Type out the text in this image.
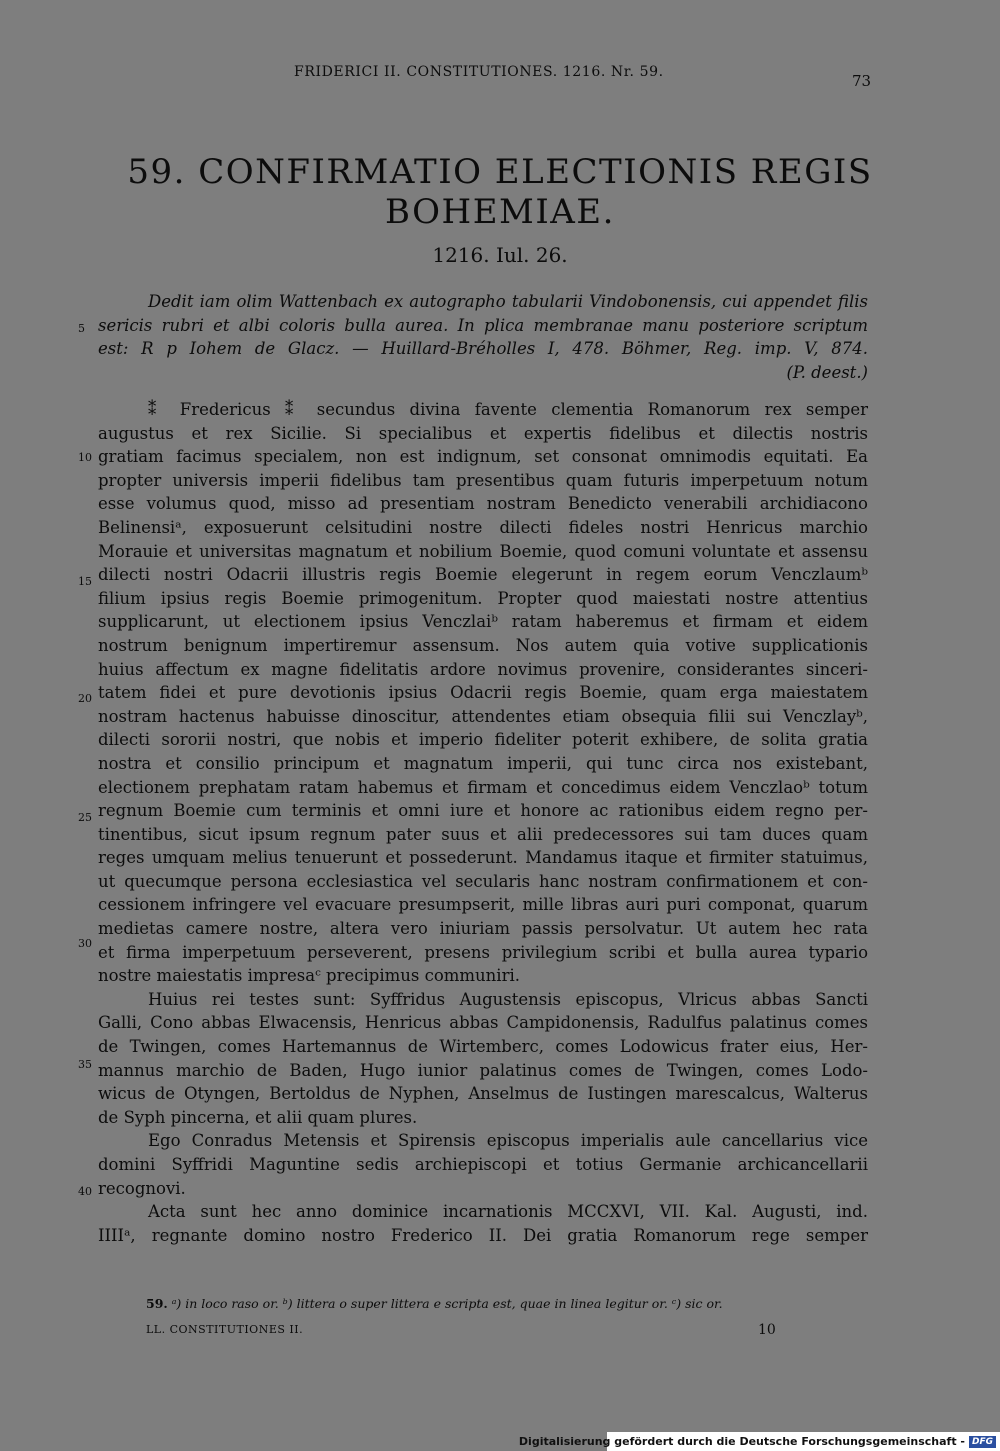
FRIDERICI II. CONSTITUTIONES. 1216. Nr. 59.	73
59. CONFIRMATIO ELECTIONIS REGIS
BOHEMIAE.
1216. Iul. 26.
Dedit iam olim Wattenbach ex autographo tabularii Vindobonensis, cui appendet filis
sericis rubri et albi coloris bulla aurea. In plica membranae manu posteriore scriptum
est: R p Iohem de Glacz. — Huillard-Bréholles I, 478. Böhmer, Reg. imp. V, 874.
(P. deest.)
⁑ Fredericus ⁑ secundus divina favente clementia Romanorum rex semper
augustus et rex Sicilie. Si specialibus et expertis fidelibus et dilectis nostris
gratiam facimus specialem, non est indignum, set consonat omnimodis equitati. Ea
propter universis imperii fidelibus tam presentibus quam futuris imperpetuum notum
esse volumus quod, misso ad presentiam nostram Benedicto venerabili archidiacono
Belinensiᵃ, exposuerunt celsitudini nostre dilecti fideles nostri Henricus marchio
Morauie et universitas magnatum et nobilium Boemie, quod comuni voluntate et assensu
dilecti nostri Odacrii illustris regis Boemie elegerunt in regem eorum Venczlaumᵇ
filium ipsius regis Boemie primogenitum. Propter quod maiestati nostre attentius
supplicarunt, ut electionem ipsius Venczlaiᵇ ratam haberemus et firmam et eidem
nostrum benignum impertiremur assensum. Nos autem quia votive supplicationis
huius affectum ex magne fidelitatis ardore novimus provenire, considerantes sinceri-
tatem fidei et pure devotionis ipsius Odacrii regis Boemie, quam erga maiestatem
nostram hactenus habuisse dinoscitur, attendentes etiam obsequia filii sui Venczlayᵇ,
dilecti sororii nostri, que nobis et imperio fideliter poterit exhibere, de solita gratia
nostra et consilio principum et magnatum imperii, qui tunc circa nos existebant,
electionem prephatam ratam habemus et firmam et concedimus eidem Venczlaoᵇ totum
regnum Boemie cum terminis et omni iure et honore ac rationibus eidem regno per-
tinentibus, sicut ipsum regnum pater suus et alii predecessores sui tam duces quam
reges umquam melius tenuerunt et possederunt. Mandamus itaque et firmiter statuimus,
ut quecumque persona ecclesiastica vel secularis hanc nostram confirmationem et con-
cessionem infringere vel evacuare presumpserit, mille libras auri puri componat, quarum
medietas camere nostre, altera vero iniuriam passis persolvatur. Ut autem hec rata
et firma imperpetuum perseverent, presens privilegium scribi et bulla aurea typario
nostre maiestatis impresaᶜ precipimus communiri.
Huius rei testes sunt: Syffridus Augustensis episcopus, Vlricus abbas Sancti
Galli, Cono abbas Elwacensis, Henricus abbas Campidonensis, Radulfus palatinus comes
de Twingen, comes Hartemannus de Wirtemberc, comes Lodowicus frater eius, Her-
mannus marchio de Baden, Hugo iunior palatinus comes de Twingen, comes Lodo-
wicus de Otyngen, Bertoldus de Nyphen, Anselmus de Iustingen marescalcus, Walterus
de Syph pincerna, et alii quam plures.
Ego Conradus Metensis et Spirensis episcopus imperialis aule cancellarius vice
domini Syffridi Maguntine sedis archiepiscopi et totius Germanie archicancellarii
recognovi.
Acta sunt hec anno dominice incarnationis MCCXVI, VII. Kal. Augusti, ind.
IIIIᵃ, regnante domino nostro Frederico II. Dei gratia Romanorum rege semper
5
10
15
20
25
30
35
40
59. ᵃ) in loco raso or. ᵇ) littera o super littera e scripta est, quae in linea legitur or. ᶜ) sic or.
LL. CONSTITUTIONES II.	10
Digitalisierung gefördert durch die Deutsche Forschungsgemeinschaft - DFG
